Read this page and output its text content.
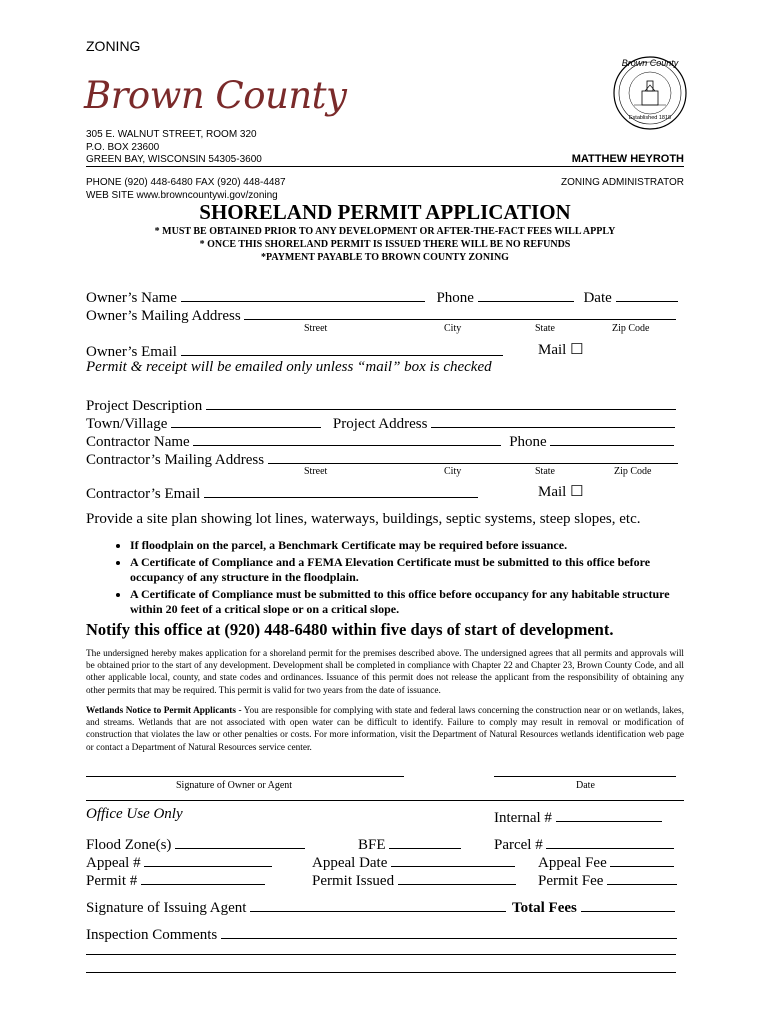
ZONING
Brown County
Brown County
Established 1818
305 E. WALNUT STREET, ROOM 320
P.O. BOX 23600
GREEN BAY, WISCONSIN 54305-3600	MATTHEW HEYROTH
PHONE (920) 448-6480 FAX (920) 448-4487
WEB SITE www.browncountywi.gov/zoning
ZONING ADMINISTRATOR
SHORELAND PERMIT APPLICATION
* MUST BE OBTAINED PRIOR TO ANY DEVELOPMENT OR AFTER-THE-FACT FEES WILL APPLY
* ONCE THIS SHORELAND PERMIT IS ISSUED THERE WILL BE NO REFUNDS
*PAYMENT PAYABLE TO BROWN COUNTY ZONING
Owner’s Name	Phone	Date
Owner’s Mailing Address
Street	City	State	Zip Code
Owner’s Email	Mail ☐
Permit & receipt will be emailed only unless “mail” box is checked
Project Description
Town/Village	Project Address
Contractor Name	Phone
Contractor’s Mailing Address
Street	City	State	Zip Code
Contractor’s Email	Mail ☐
Provide a site plan showing lot lines, waterways, buildings, septic systems, steep slopes, etc.
• If floodplain on the parcel, a Benchmark Certificate may be required before issuance.
• A Certificate of Compliance and a FEMA Elevation Certificate must be submitted to this office before occupancy of any structure in the floodplain.
• A Certificate of Compliance must be submitted to this office before occupancy for any habitable structure within 20 feet of a critical slope or on a critical slope.
Notify this office at (920) 448-6480 within five days of start of development.
The undersigned hereby makes application for a shoreland permit for the premises described above. The undersigned agrees that all permits and approvals will be obtained prior to the start of any development. Development shall be completed in compliance with Chapter 22 and Chapter 23, Brown County Code, and all other applicable local, county, and state codes and ordinances. Issuance of this permit does not release the applicant from the responsibility of obtaining any other permits that may be required. This permit is valid for two years from the date of issuance.
Wetlands Notice to Permit Applicants - You are responsible for complying with state and federal laws concerning the construction near or on wetlands, lakes, and streams. Wetlands that are not associated with open water can be difficult to identify. Failure to comply may result in removal or modification of construction that violates the law or other penalties or costs. For more information, visit the Department of Natural Resources wetlands identification web page or contact a Department of Natural Resources service center.
Signature of Owner or Agent	Date
Office Use Only	Internal #
Flood Zone(s)	BFE	Parcel #
Appeal #	Appeal Date	Appeal Fee
Permit #	Permit Issued	Permit Fee
Signature of Issuing Agent	Total Fees
Inspection Comments
